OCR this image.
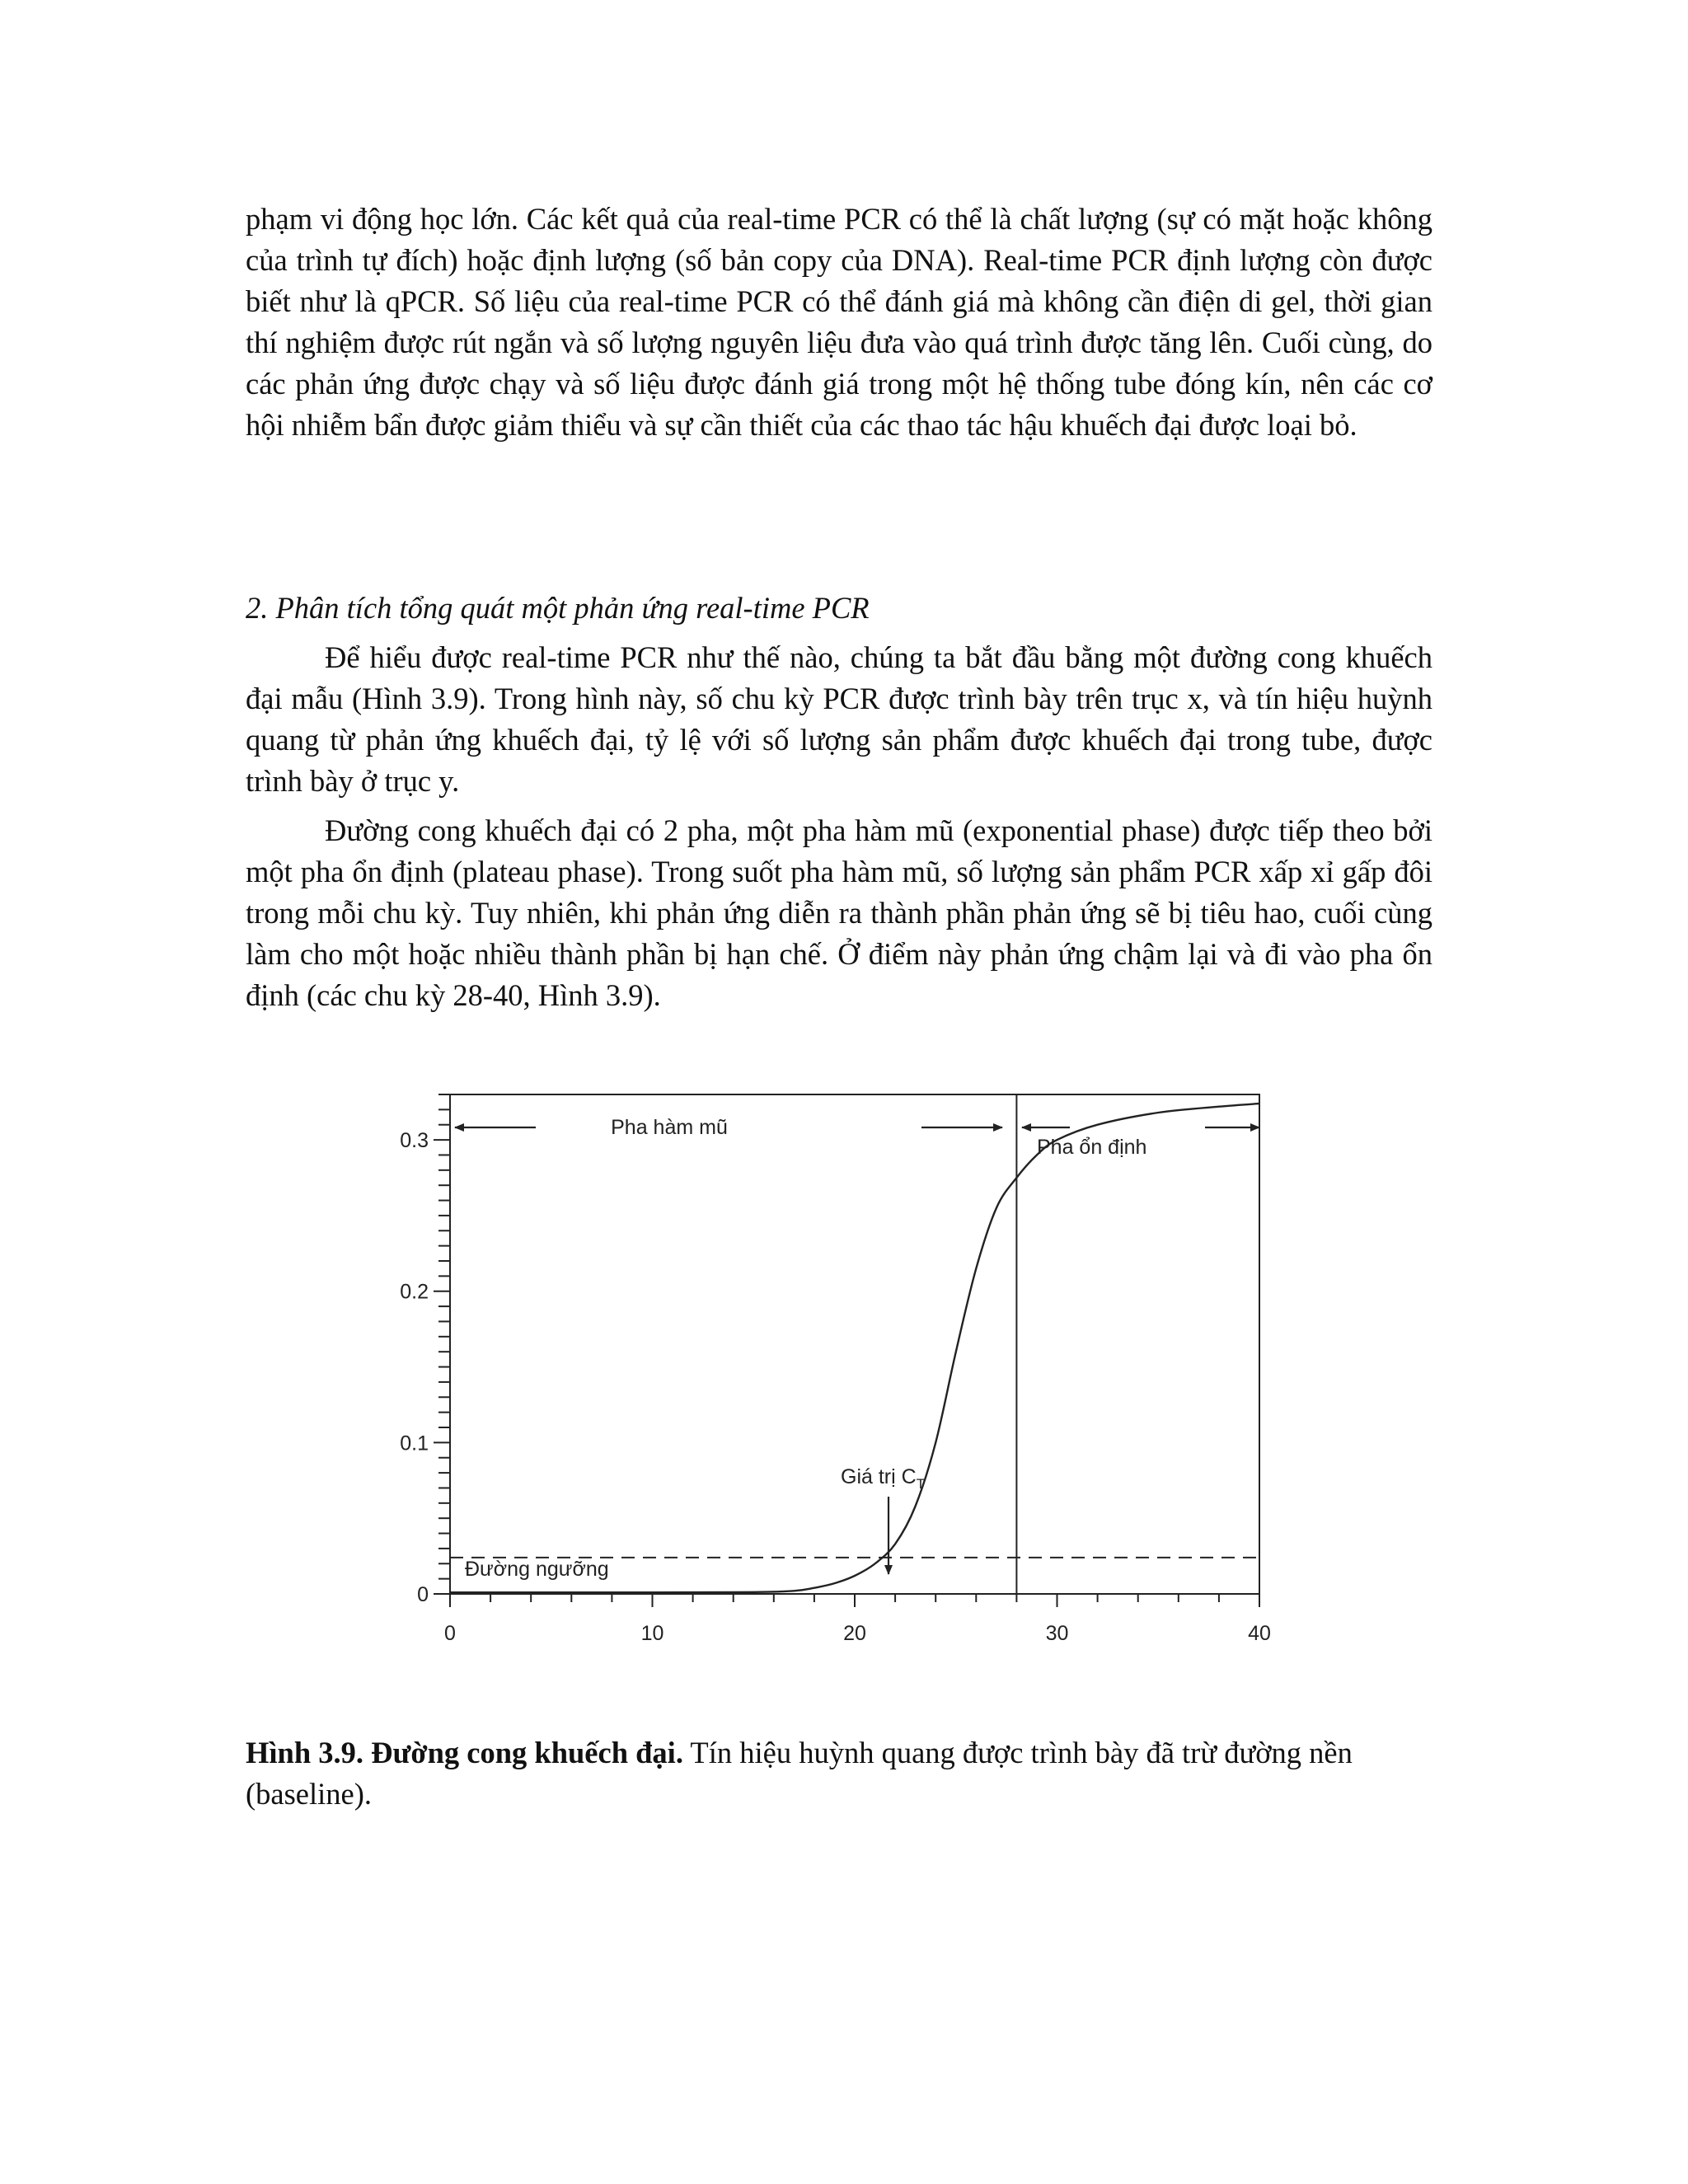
phạm vi động học lớn. Các kết quả của real-time PCR có thể là chất lượng (sự có mặt hoặc không của trình tự đích) hoặc định lượng (số bản copy của DNA). Real-time PCR định lượng còn được biết như là qPCR. Số liệu của real-time PCR có thể đánh giá mà không cần điện di gel, thời gian thí nghiệm được rút ngắn và số lượng nguyên liệu đưa vào quá trình được tăng lên. Cuối cùng, do các phản ứng được chạy và số liệu được đánh giá trong một hệ thống tube đóng kín, nên các cơ hội nhiễm bẩn được giảm thiểu và sự cần thiết của các thao tác hậu khuếch đại được loại bỏ.

2. Phân tích tổng quát một phản ứng real-time PCR

Để hiểu được real-time PCR như thế nào, chúng ta bắt đầu bằng một đường cong khuếch đại mẫu (Hình 3.9). Trong hình này, số chu kỳ PCR được trình bày trên trục x, và tín hiệu huỳnh quang từ phản ứng khuếch đại, tỷ lệ với số lượng sản phẩm được khuếch đại trong tube, được trình bày ở trục y.

Đường cong khuếch đại có 2 pha, một pha hàm mũ (exponential phase) được tiếp theo bởi một pha ổn định (plateau phase). Trong suốt pha hàm mũ, số lượng sản phẩm PCR xấp xỉ gấp đôi trong mỗi chu kỳ. Tuy nhiên, khi phản ứng diễn ra thành phần phản ứng sẽ bị tiêu hao, cuối cùng làm cho một hoặc nhiều thành phần bị hạn chế. Ở điểm này phản ứng chậm lại và đi vào pha ổn định (các chu kỳ 28-40, Hình 3.9).

0
0.1
0.2
0.3
0	10	20	30	40
Pha hàm mũ
Pha ổn định
Giá trị $C_T$
Đường ngưỡng

Hình 3.9. Đường cong khuếch đại. Tín hiệu huỳnh quang được trình bày đã trừ đường nền (baseline).
